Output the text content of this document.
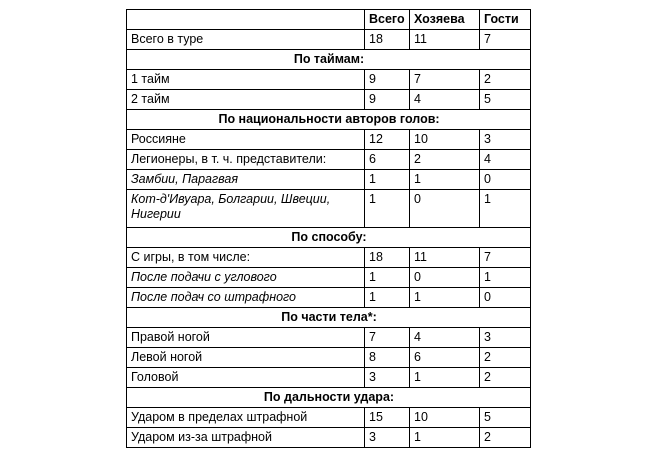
	Всего	Хозяева	Гости
Всего в туре	18	11	7
По таймам:			
1 тайм	9	7	2
2 тайм	9	4	5
По национальности авторов голов:			
Россияне	12	10	3
Легионеры, в т. ч. представители:	6	2	4
Замбии, Парагвая	1	1	0
Кот-д'Ивуара, Болгарии, Швеции, Нигерии	1	0	1
По способу:			
С игры, в том числе:	18	11	7
После подачи с углового	1	0	1
После подач со штрафного	1	1	0
По части тела*:			
Правой ногой	7	4	3
Левой ногой	8	6	2
Головой	3	1	2
По дальности удара:			
Ударом в пределах штрафной	15	10	5
Ударом из-за штрафной	3	1	2
